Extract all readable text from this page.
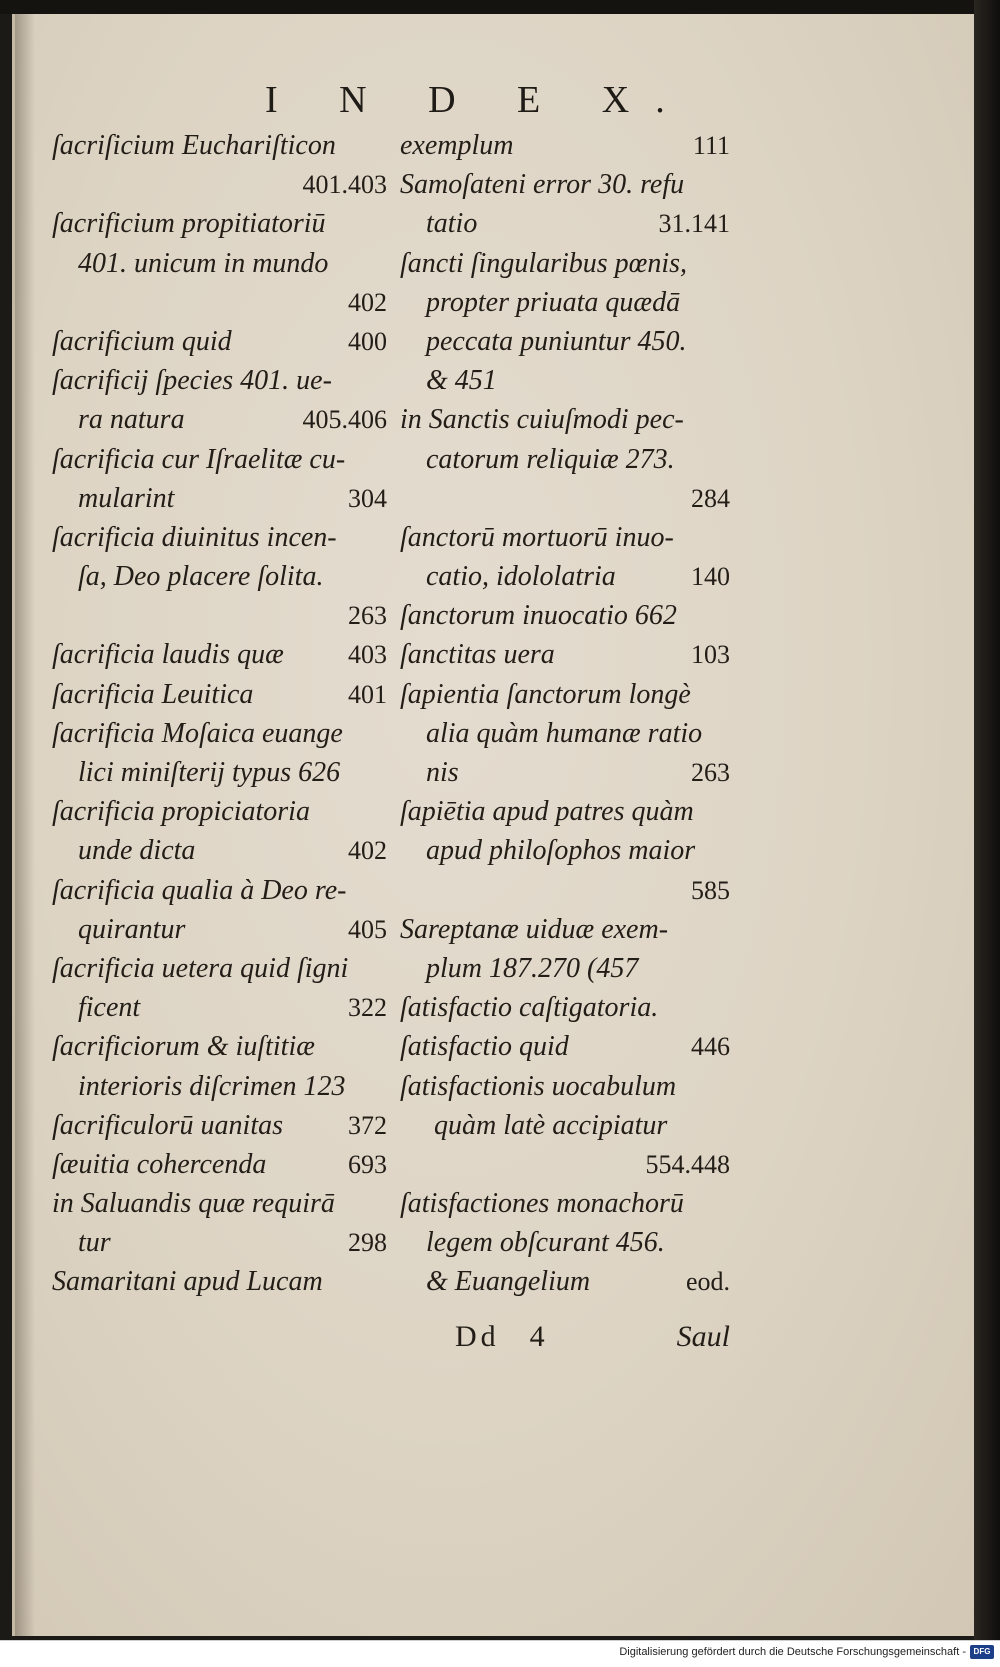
I N D E X.
ſacriſicium Euchariſticon
401.403
ſacrificium propitiatoriū
401. unicum in mundo
402
ſacrificium quid	400
ſacrificij ſpecies 401. ue-
ra natura	405.406
ſacrificia cur Iſraelitæ cu-
mularint	304
ſacrificia diuinitus incen-
ſa, Deo placere ſolita.
263
ſacrificia laudis quæ 403
ſacrificia Leuitica	401
ſacrificia Moſaica euange
lici miniſterij typus 626
ſacrificia propiciatoria
unde dicta	402
ſacrificia qualia à Deo re-
quirantur	405
ſacrificia uetera quid ſigni
ficent	322
ſacrificiorum & iuſtitiæ
interioris diſcrimen 123
ſacrificulorū uanitas	372
ſæuitia cohercenda	693
in Saluandis quæ requirā
tur	298
Samaritani apud Lucam
exemplum	111
Samoſateni error 30. refu
tatio	31.141
ſancti ſingularibus pœnis,
propter priuata quædā
peccata puniuntur 450.
& 451
in Sanctis cuiuſmodi pec-
catorum reliquiæ 273.
284
ſanctorū mortuorū inuo-
catio, idololatria	140
ſanctorum inuocatio 662
ſanctitas uera	103
ſapientia ſanctorum longè
alia quàm humanæ ratio
nis	263
ſapiētia apud patres quàm
apud philoſophos maior
585
Sareptanæ uiduæ exem-
plum 187.270 (457
ſatisfactio caſtigatoria.
ſatisfactio quid	446
ſatisfactionis uocabulum
quàm latè accipiatur
554.448
ſatisfactiones monachorū
legem obſcurant 456.
& Euangelium	eod.
Dd 4	Saul
Digitalisierung gefördert durch die Deutsche Forschungsgemeinschaft - DFG
